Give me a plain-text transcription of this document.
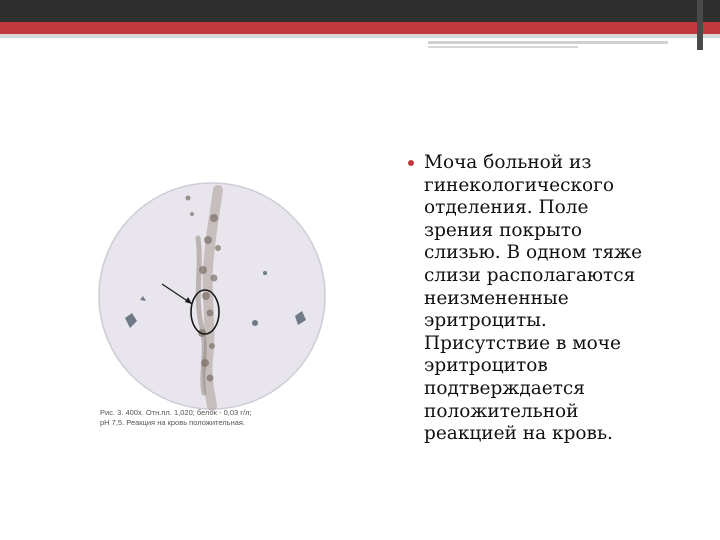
Рис. 3. 400х. Отн.пл. 1,020; белок - 0,03 г/л;
pH 7,5. Реакция на кровь положительная.
Моча больной из
гинекологического
отделения. Поле
зрения покрыто
слизью. В одном тяже
слизи располагаются
неизмененные
эритроциты.
Присутствие в моче
эритроцитов
подтверждается
положительной
реакцией на кровь.
